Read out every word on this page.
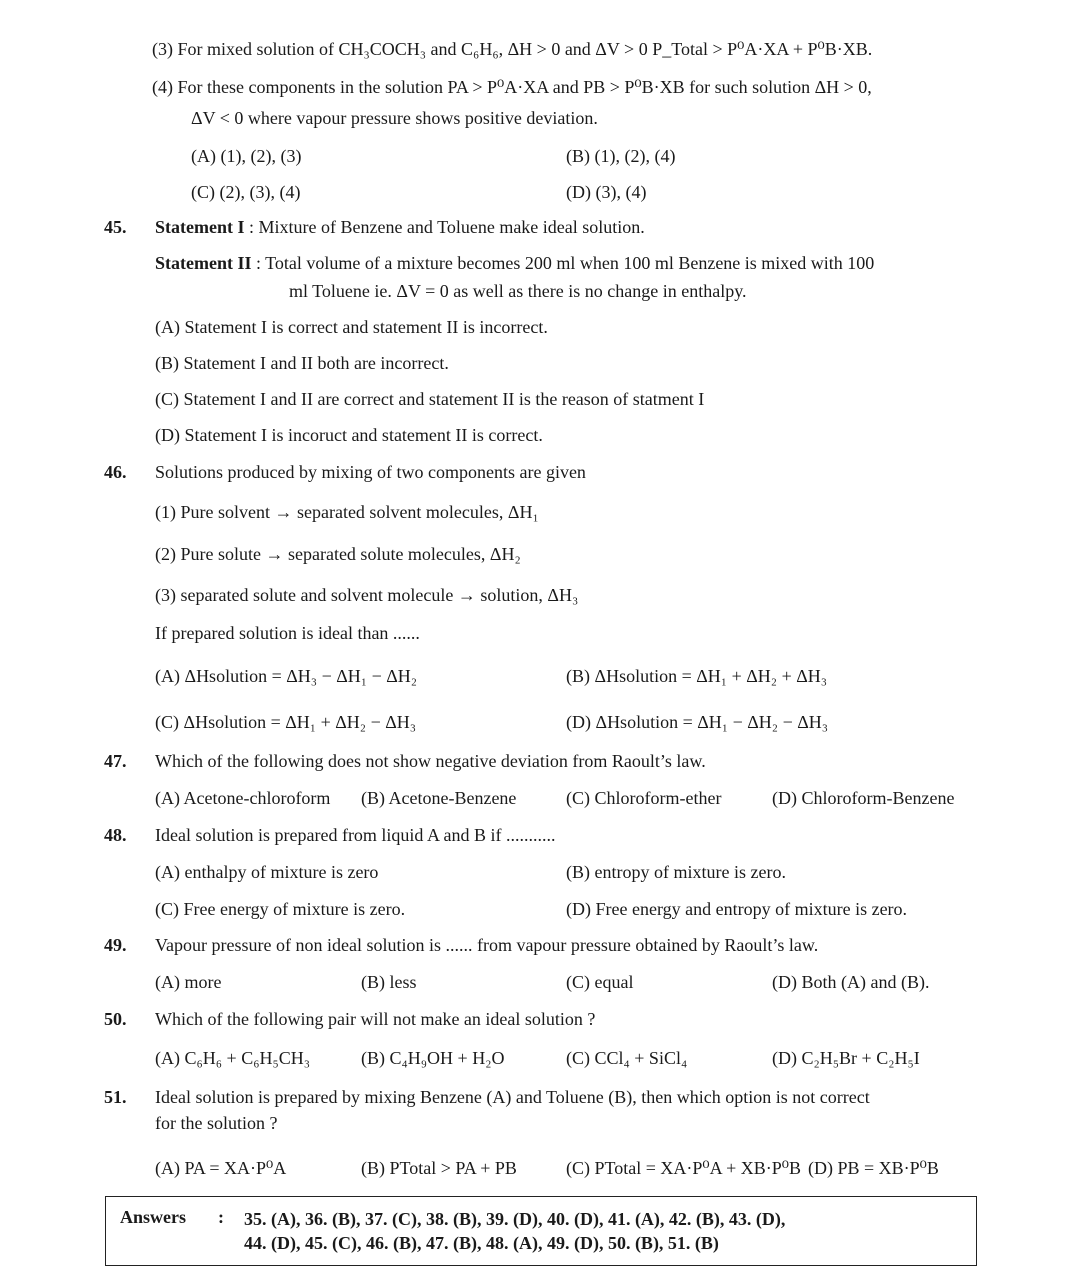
(3) For mixed solution of CH₃COCH₃ and C₆H₆, ΔH > 0 and ΔV > 0 P_Total > P⁰A·XA + P⁰B·XB.
(4) For these components in the solution PA > P⁰A·XA and PB > P⁰B·XB for such solution ΔH > 0,
ΔV < 0 where vapour pressure shows positive deviation.
(A) (1), (2), (3)	(B) (1), (2), (4)
(C) (2), (3), (4)	(D) (3), (4)
45. Statement I : Mixture of Benzene and Toluene make ideal solution.
Statement II : Total volume of a mixture becomes 200 ml when 100 ml Benzene is mixed with 100
ml Toluene ie. ΔV = 0 as well as there is no change in enthalpy.
(A) Statement I is correct and statement II is incorrect.
(B) Statement I and II both are incorrect.
(C) Statement I and II are correct and statement II is the reason of statment I
(D) Statement I is incoruct and statement II is correct.
46. Solutions produced by mixing of two components are given
(1) Pure solvent → separated solvent molecules, ΔH₁
(2) Pure solute → separated solute molecules, ΔH₂
(3) separated solute and solvent molecule → solution, ΔH₃
If prepared solution is ideal than ......
(A) ΔHsolution = ΔH₃ − ΔH₁ − ΔH₂	(B) ΔHsolution = ΔH₁ + ΔH₂ + ΔH₃
(C) ΔHsolution = ΔH₁ + ΔH₂ − ΔH₃	(D) ΔHsolution = ΔH₁ − ΔH₂ − ΔH₃
47. Which of the following does not show negative deviation from Raoult’s law.
(A) Acetone-chloroform (B) Acetone-Benzene	(C) Chloroform-ether	(D) Chloroform-Benzene
48. Ideal solution is prepared from liquid A and B if ...........
(A) enthalpy of mixture is zero	(B) entropy of mixture is zero.
(C) Free energy of mixture is zero.	(D) Free energy and entropy of mixture is zero.
49. Vapour pressure of non ideal solution is ...... from vapour pressure obtained by Raoult’s law.
(A) more	(B) less	(C) equal	(D) Both (A) and (B).
50. Which of the following pair will not make an ideal solution ?
(A) C₆H₆ + C₆H₅CH₃	(B) C₄H₉OH + H₂O	(C) CCl₄ + SiCl₄	(D) C₂H₅Br + C₂H₅I
51. Ideal solution is prepared by mixing Benzene (A) and Toluene (B), then which option is not correct
for the solution ?
(A) PA = XA·P⁰A	(B) PTotal > PA + PB	(C) PTotal = XA·P⁰A + XB·P⁰B (D) PB = XB·P⁰B
Answers : 35. (A), 36. (B), 37. (C), 38. (B), 39. (D), 40. (D), 41. (A), 42. (B), 43. (D),
44. (D), 45. (C), 46. (B), 47. (B), 48. (A), 49. (D), 50. (B), 51. (B)
